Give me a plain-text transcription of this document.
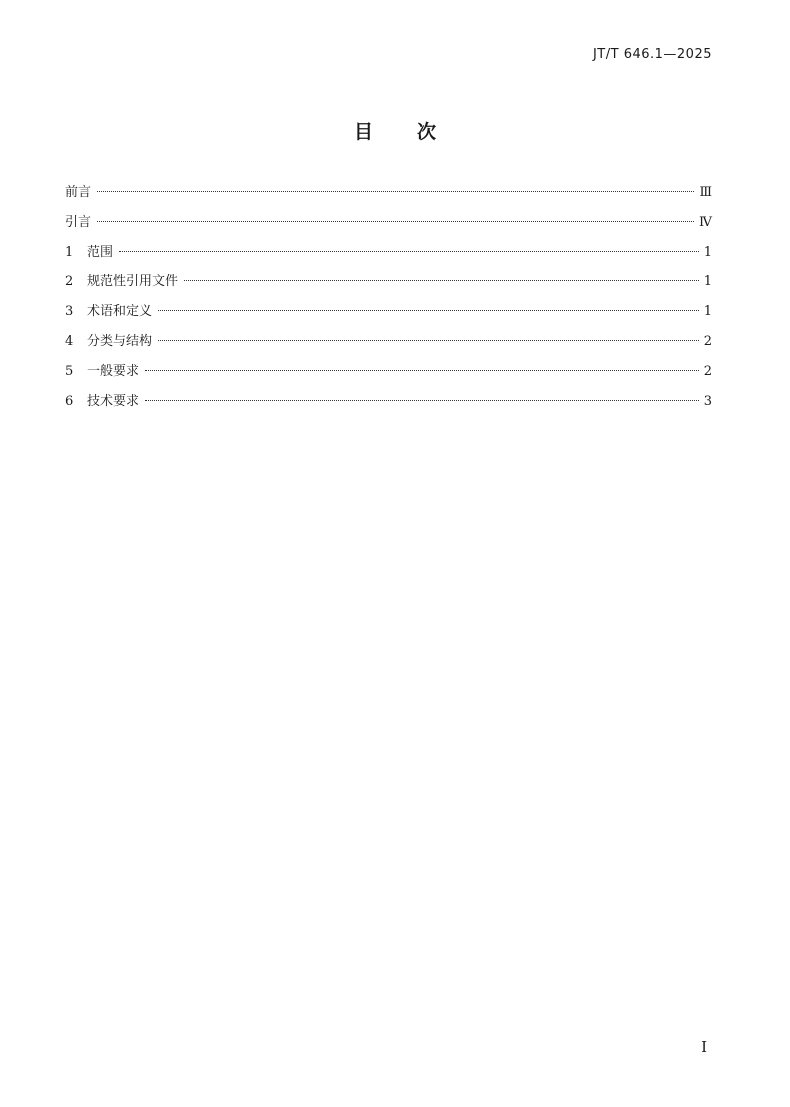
JT/T 646.1—2025
目次
前言	Ⅲ
引言	Ⅳ
1	范围	1
2	规范性引用文件	1
3	术语和定义	1
4	分类与结构	2
5	一般要求	2
6	技术要求	3
Ⅰ
